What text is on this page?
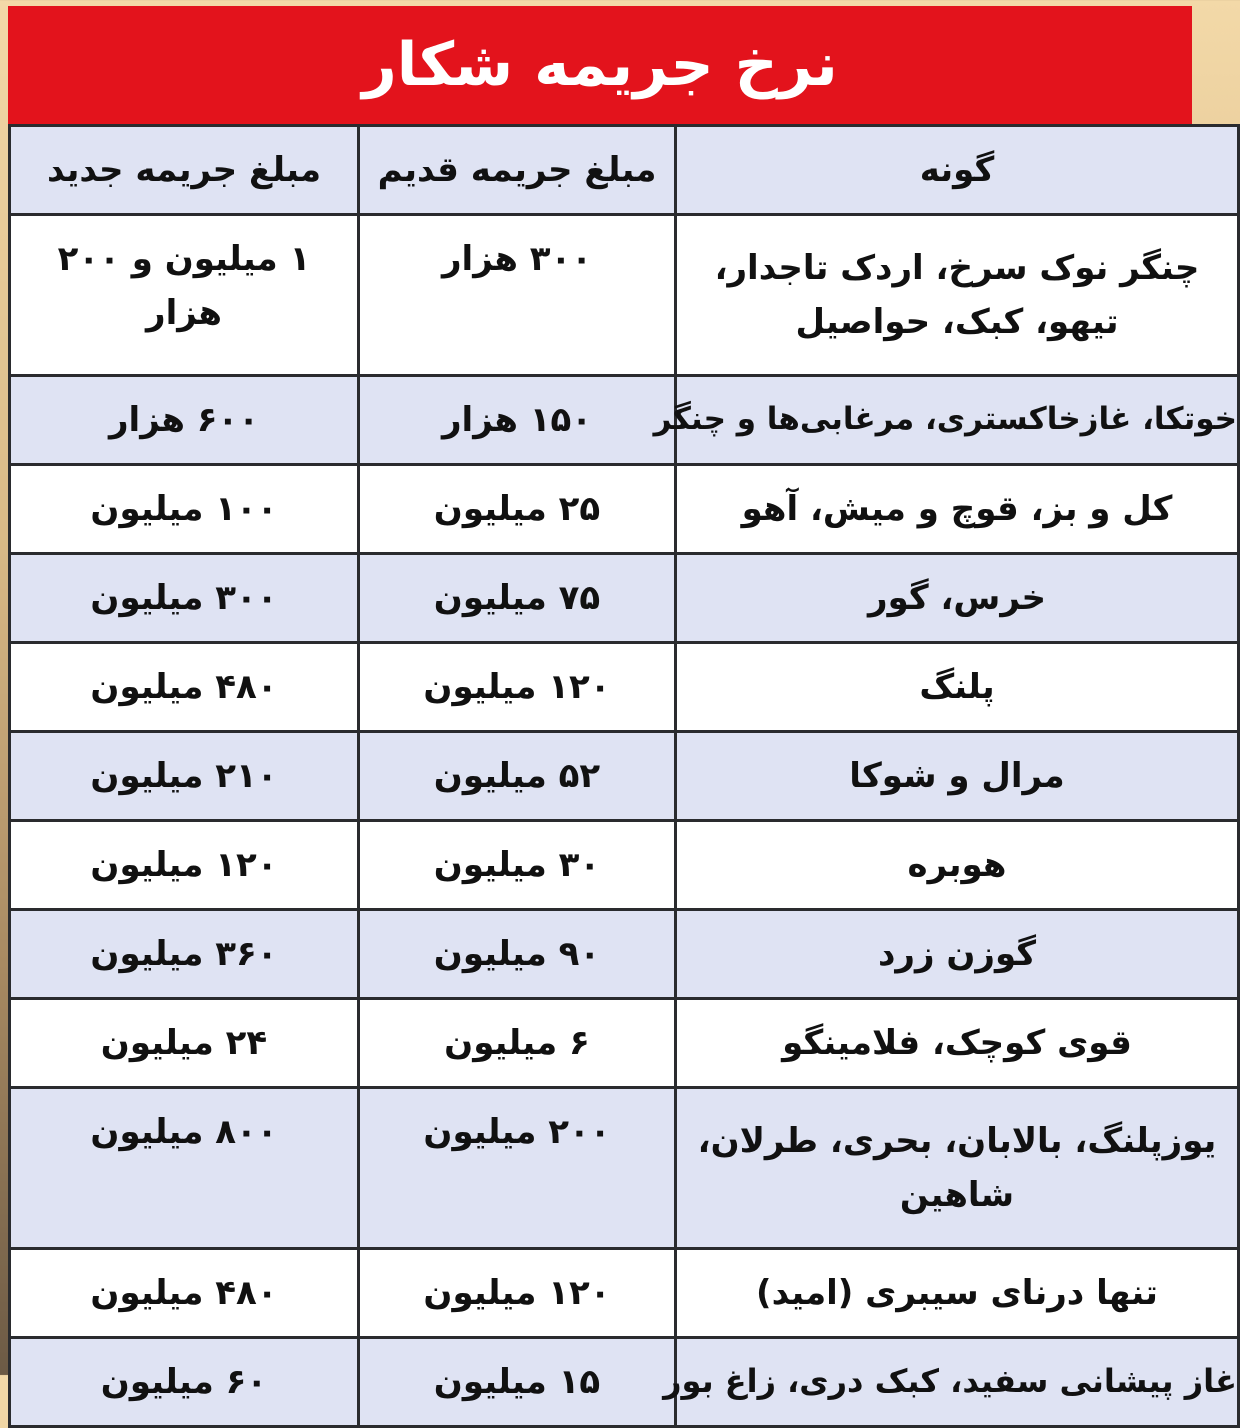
نرخ جریمه شکار
گونه	مبلغ جریمه قدیم	مبلغ جریمه جدید
چنگر نوک سرخ، اردک تاجدار، تیهو، کبک، حواصیل	۳۰۰ هزار	۱ میلیون و ۲۰۰ هزار
خوتکا، غازخاکستری، مرغابی‌ها و چنگر	۱۵۰ هزار	۶۰۰ هزار
کل و بز، قوچ و میش، آهو	۲۵ میلیون	۱۰۰ میلیون
خرس، گور	۷۵ میلیون	۳۰۰ میلیون
پلنگ	۱۲۰ میلیون	۴۸۰ میلیون
مرال و شوکا	۵۲ میلیون	۲۱۰ میلیون
هوبره	۳۰ میلیون	۱۲۰ میلیون
گوزن زرد	۹۰ میلیون	۳۶۰ میلیون
قوی کوچک، فلامینگو	۶ میلیون	۲۴ میلیون
یوزپلنگ، بالابان، بحری، طرلان، شاهین	۲۰۰ میلیون	۸۰۰ میلیون
تنها درنای سیبری (امید)	۱۲۰ میلیون	۴۸۰ میلیون
غاز پیشانی سفید، کبک دری، زاغ بور	۱۵ میلیون	۶۰ میلیون
